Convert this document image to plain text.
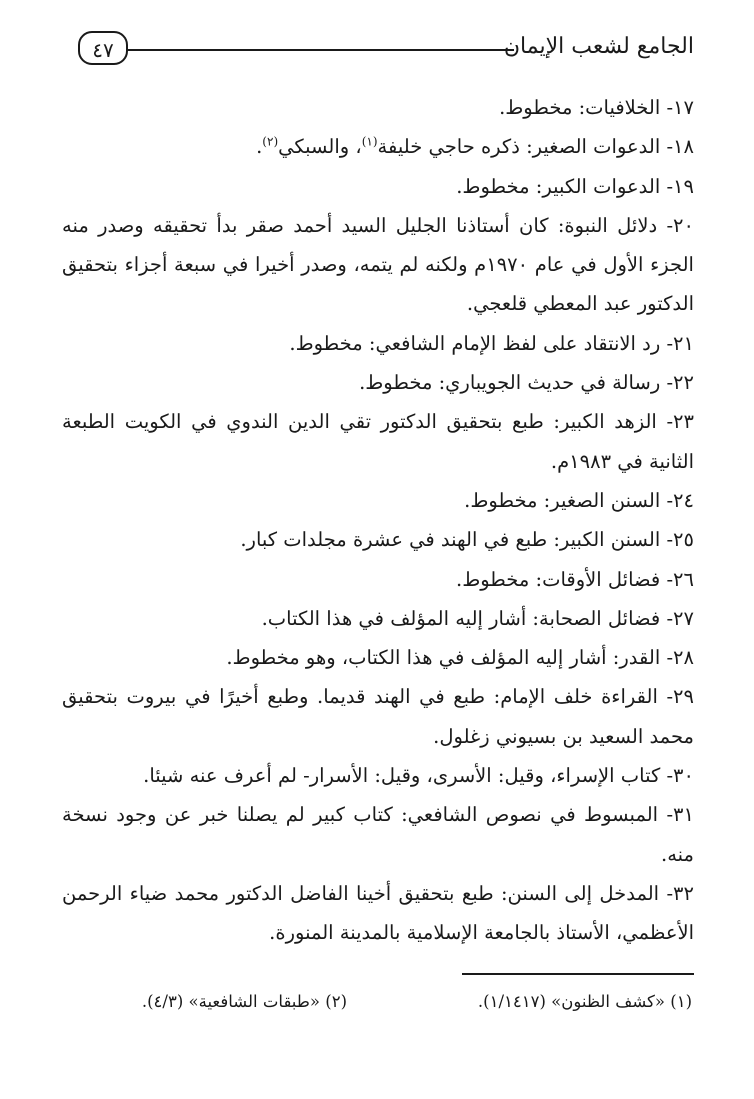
الجامع لشعب الإيمان
٤٧
١٧- الخلافيات: مخطوط.
١٨- الدعوات الصغير: ذكره حاجي خليفة$^{(١)}$، والسبكي$^{(٢)}$.
١٩- الدعوات الكبير: مخطوط.
٢٠- دلائل النبوة: كان أستاذنا الجليل السيد أحمد صقر بدأ تحقيقه وصدر منه الجزء الأول في عام ١٩٧٠م ولكنه لم يتمه، وصدر أخيرا في سبعة أجزاء بتحقيق الدكتور عبد المعطي قلعجي.
٢١- رد الانتقاد على لفظ الإمام الشافعي: مخطوط.
٢٢- رسالة في حديث الجويباري: مخطوط.
٢٣- الزهد الكبير: طبع بتحقيق الدكتور تقي الدين الندوي في الكويت الطبعة الثانية في ١٩٨٣م.
٢٤- السنن الصغير: مخطوط.
٢٥- السنن الكبير: طبع في الهند في عشرة مجلدات كبار.
٢٦- فضائل الأوقات: مخطوط.
٢٧- فضائل الصحابة: أشار إليه المؤلف في هذا الكتاب.
٢٨- القدر: أشار إليه المؤلف في هذا الكتاب، وهو مخطوط.
٢٩- القراءة خلف الإمام: طبع في الهند قديما. وطبع أخيرًا في بيروت بتحقيق محمد السعيد بن بسيوني زغلول.
٣٠- كتاب الإسراء، وقيل: الأسرى، وقيل: الأسرار- لم أعرف عنه شيئا.
٣١- المبسوط في نصوص الشافعي: كتاب كبير لم يصلنا خبر عن وجود نسخة منه.
٣٢- المدخل إلى السنن: طبع بتحقيق أخينا الفاضل الدكتور محمد ضياء الرحمن الأعظمي، الأستاذ بالجامعة الإسلامية بالمدينة المنورة.
(١) «كشف الظنون» (١/١٤١٧).
(٢) «طبقات الشافعية» (٤/٣).
